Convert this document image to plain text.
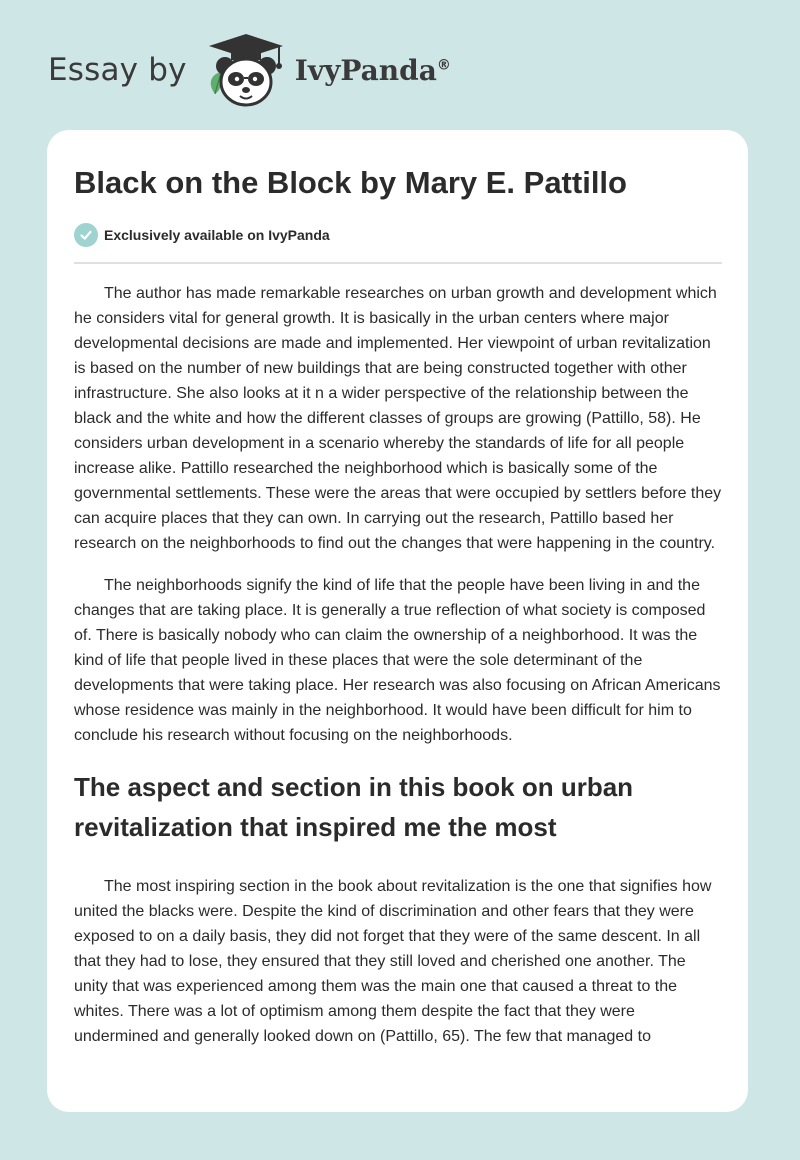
Essay by	IvyPanda®
Black on the Block by Mary E. Pattillo
Exclusively available on IvyPanda

The author has made remarkable researches on urban growth and development which he considers vital for general growth. It is basically in the urban centers where major developmental decisions are made and implemented. Her viewpoint of urban revitalization is based on the number of new buildings that are being constructed together with other infrastructure. She also looks at it n a wider perspective of the relationship between the black and the white and how the different classes of groups are growing (Pattillo, 58). He considers urban development in a scenario whereby the standards of life for all people increase alike. Pattillo researched the neighborhood which is basically some of the governmental settlements. These were the areas that were occupied by settlers before they can acquire places that they can own. In carrying out the research, Pattillo based her research on the neighborhoods to find out the changes that were happening in the country.

The neighborhoods signify the kind of life that the people have been living in and the changes that are taking place. It is generally a true reflection of what society is composed of. There is basically nobody who can claim the ownership of a neighborhood. It was the kind of life that people lived in these places that were the sole determinant of the developments that were taking place. Her research was also focusing on African Americans whose residence was mainly in the neighborhood. It would have been difficult for him to conclude his research without focusing on the neighborhoods.

The aspect and section in this book on urban revitalization that inspired me the most

The most inspiring section in the book about revitalization is the one that signifies how united the blacks were. Despite the kind of discrimination and other fears that they were exposed to on a daily basis, they did not forget that they were of the same descent. In all that they had to lose, they ensured that they still loved and cherished one another. The unity that was experienced among them was the main one that caused a threat to the whites. There was a lot of optimism among them despite the fact that they were undermined and generally looked down on (Pattillo, 65). The few that managed to
